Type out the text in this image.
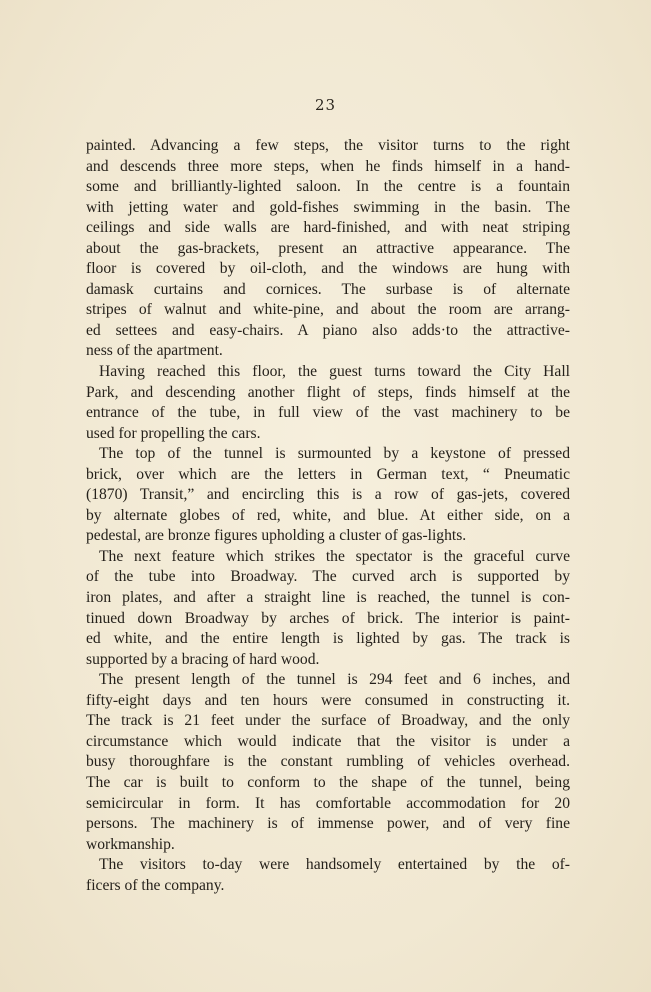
23
painted. Advancing a few steps, the visitor turns to the right
and descends three more steps, when he finds himself in a hand-
some and brilliantly-lighted saloon. In the centre is a fountain
with jetting water and gold-fishes swimming in the basin. The
ceilings and side walls are hard-finished, and with neat striping
about the gas-brackets, present an attractive appearance. The
floor is covered by oil-cloth, and the windows are hung with
damask curtains and cornices. The surbase is of alternate
stripes of walnut and white-pine, and about the room are arrang-
ed settees and easy-chairs. A piano also adds·to the attractive-
ness of the apartment.
Having reached this floor, the guest turns toward the City Hall
Park, and descending another flight of steps, finds himself at the
entrance of the tube, in full view of the vast machinery to be
used for propelling the cars.
The top of the tunnel is surmounted by a keystone of pressed
brick, over which are the letters in German text, “ Pneumatic
(1870) Transit,” and encircling this is a row of gas-jets, covered
by alternate globes of red, white, and blue. At either side, on a
pedestal, are bronze figures upholding a cluster of gas-lights.
The next feature which strikes the spectator is the graceful curve
of the tube into Broadway. The curved arch is supported by
iron plates, and after a straight line is reached, the tunnel is con-
tinued down Broadway by arches of brick. The interior is paint-
ed white, and the entire length is lighted by gas. The track is
supported by a bracing of hard wood.
The present length of the tunnel is 294 feet and 6 inches, and
fifty-eight days and ten hours were consumed in constructing it.
The track is 21 feet under the surface of Broadway, and the only
circumstance which would indicate that the visitor is under a
busy thoroughfare is the constant rumbling of vehicles overhead.
The car is built to conform to the shape of the tunnel, being
semicircular in form. It has comfortable accommodation for 20
persons. The machinery is of immense power, and of very fine
workmanship.
The visitors to-day were handsomely entertained by the of-
ficers of the company.
